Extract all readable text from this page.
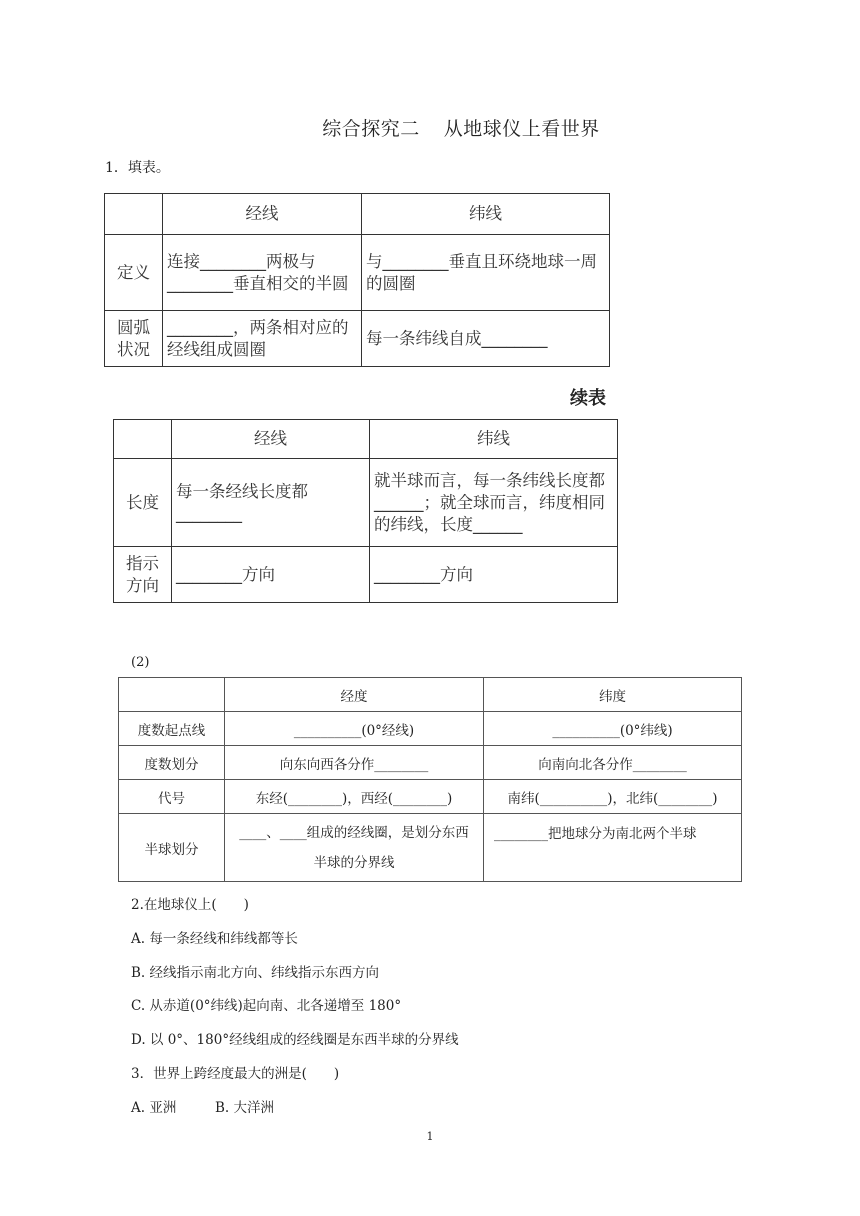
综合探究二 从地球仪上看世界
1．填表。
	经线	纬线
定义	连接________两极与________垂直相交的半圆	与________垂直且环绕地球一周的圆圈
圆弧状况	________，两条相对应的经线组成圆圈	每一条纬线自成________
续表
	经线	纬线
长度	每一条经线长度都________	就半球而言，每一条纬线长度都______；就全球而言，纬度相同的纬线，长度______
指示方向	________方向	________方向
(2)
	经度	纬度
度数起点线	__________(0°经线)	__________(0°纬线)
度数划分	向东向西各分作________	向南向北各分作________
代号	东经(________)，西经(________)	南纬(__________)，北纬(________)
半球划分	____、____组成的经线圈，是划分东西半球的分界线	________把地球分为南北两个半球
2.在地球仪上(　　)
A. 每一条经线和纬线都等长
B. 经线指示南北方向、纬线指示东西方向
C. 从赤道(0°纬线)起向南、北各递增至 180°
D. 以 0°、180°经线组成的经线圈是东西半球的分界线
3．世界上跨经度最大的洲是(　　)
A. 亚洲	B. 大洋洲
1
